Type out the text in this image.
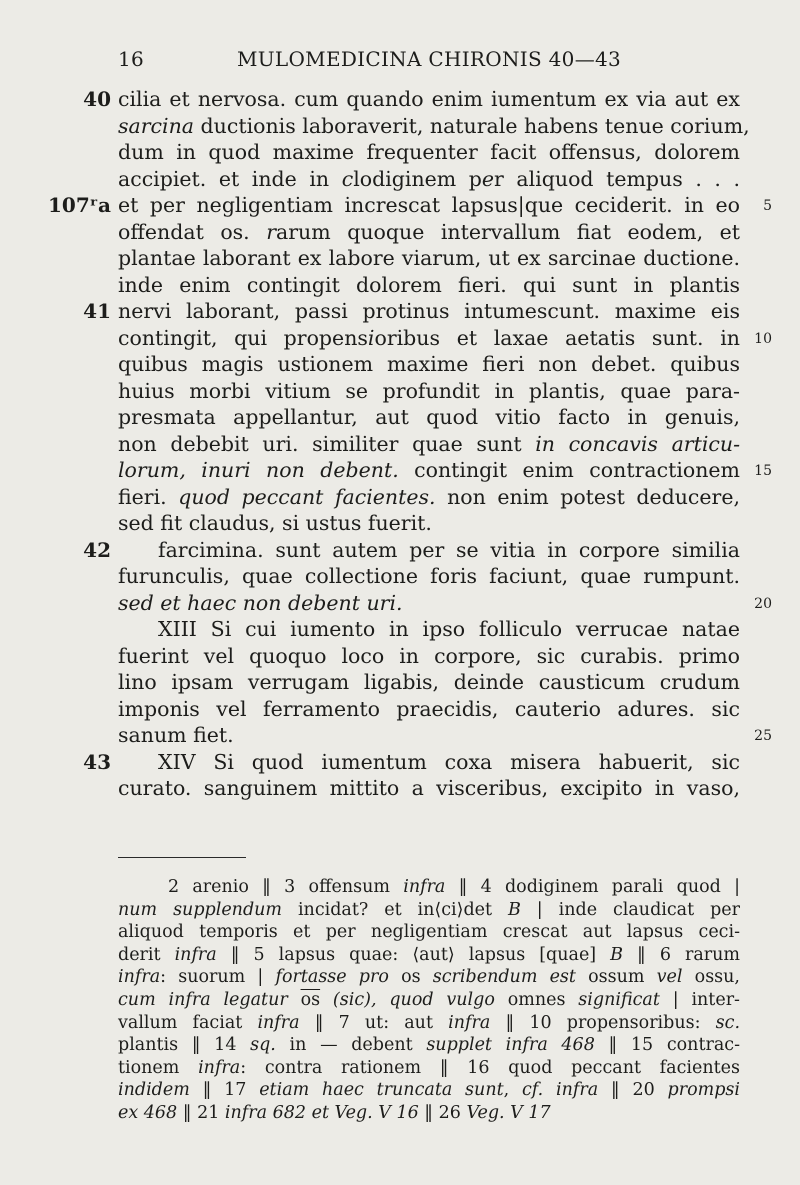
16	MULOMEDICINA CHIRONIS 40—43
40 cilia et nervosa. cum quando enim iumentum ex via aut ex
sarcina ductionis laboraverit, naturale habens tenue corium,
dum in quod maxime frequenter facit offensus, dolorem
accipiet. et inde in clodiginem per aliquod tempus . . .
107ʳa et per negligentiam increscat lapsus|que ceciderit. in eo	5
offendat os. rarum quoque intervallum fiat eodem, et
plantae laborant ex labore viarum, ut ex sarcinae ductione.
inde enim contingit dolorem fieri. qui sunt in plantis
41 nervi laborant, passi protinus intumescunt. maxime eis
contingit, qui propensioribus et laxae aetatis sunt. in	10
quibus magis ustionem maxime fieri non debet. quibus
huius morbi vitium se profundit in plantis, quae para-
presmata appellantur, aut quod vitio facto in genuis,
non debebit uri. similiter quae sunt in concavis articu-
lorum, inuri non debent. contingit enim contractionem	15
fieri. quod peccant facientes. non enim potest deducere,
sed fit claudus, si ustus fuerit.
42	farcimina. sunt autem per se vitia in corpore similia
furunculis, quae collectione foris faciunt, quae rumpunt.
sed et haec non debent uri.	20
XIII Si cui iumento in ipso folliculo verrucae natae
fuerint vel quoquo loco in corpore, sic curabis. primo
lino ipsam verrugam ligabis, deinde causticum crudum
imponis vel ferramento praecidis, cauterio adures. sic
sanum fiet.	25
43	XIV Si quod iumentum coxa misera habuerit, sic
curato. sanguinem mittito a visceribus, excipito in vaso,
2 arenio ‖ 3 offensum infra ‖ 4 dodiginem parali quod |
num supplendum incidat? et in⟨ci⟩det B | inde claudicat per
aliquod temporis et per negligentiam crescat aut lapsus ceci-
derit infra ‖ 5 lapsus quae: ⟨aut⟩ lapsus [quae] B ‖ 6 rarum
infra: suorum | fortasse pro os scribendum est ossum vel ossu,
cum infra legatur $\overline{os}$ (sic), quod vulgo omnes significat | inter-
vallum faciat infra ‖ 7 ut: aut infra ‖ 10 propensoribus: sc.
plantis ‖ 14 sq. in — debent supplet infra 468 ‖ 15 contrac-
tionem infra: contra rationem ‖ 16 quod peccant facientes
indidem ‖ 17 etiam haec truncata sunt, cf. infra ‖ 20 prompsi
ex 468 ‖ 21 infra 682 et Veg. V 16 ‖ 26 Veg. V 17
